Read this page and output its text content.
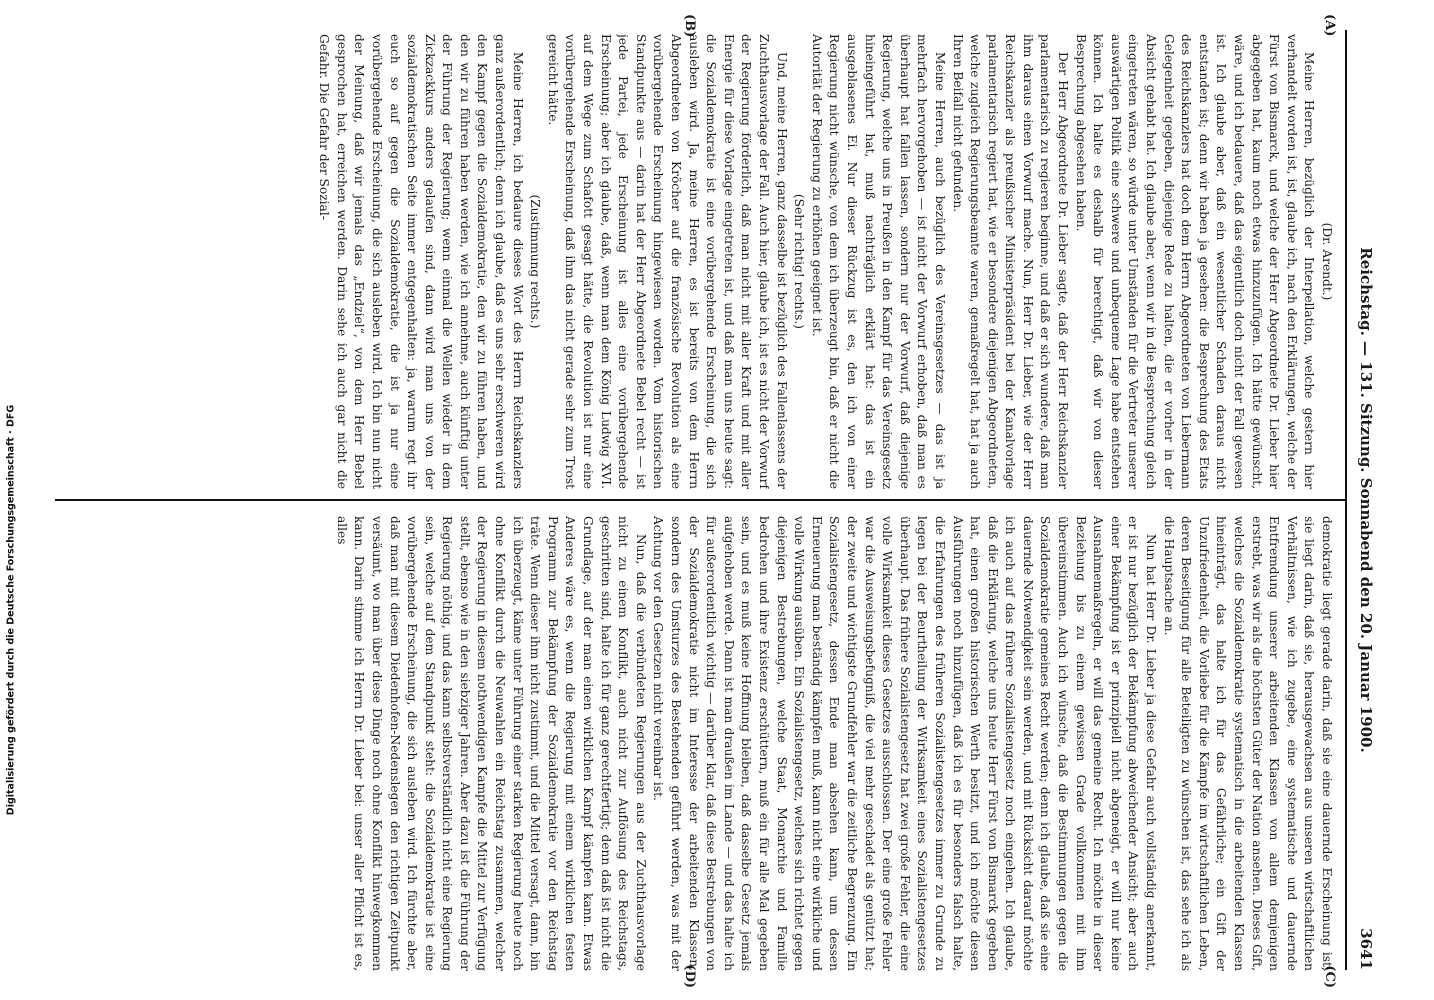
Reichstag. — 131. Sitzung. Sonnabend den 20. Januar 1900.
3641
(A)
(B)
(C)
(D)

(Dr. Arendt.)

Meine Herren, bezüglich der Interpellation, welche gestern hier verhandelt worden ist, ist, glaube ich, nach den Erklärungen, welche der Fürst von Bismarck, und welche der Herr Abgeordnete Dr. Lieber hier abgegeben hat, kaum noch etwas hinzuzufügen. Ich hätte gewünscht, wäre, und ich bedauere, daß das eigentlich doch nicht der Fall gewesen ist. Ich glaube aber, daß ein wesentlicher Schaden daraus nicht entstanden ist; denn wir haben ja gesehen: die Besprechung des Etats des Reichskanzlers hat doch dem Herrn Abgeordneten von Liebermann Gelegenheit gegeben, diejenige Rede zu halten, die er vorher in der Absicht gehabt hat. Ich glaube aber, wenn wir in die Besprechung gleich eingetreten wären, so würde unter Umständen für die Vertreter unserer auswärtigen Politik eine schwere und unbequeme Lage habe entstehen können. Ich halte es deshalb für berechtigt, daß wir von dieser Besprechung abgesehen haben.

Der Herr Abgeordnete Dr. Lieber sagte, daß der Herr Reichskanzler parlamentarisch zu regieren beginne, und daß er sich wundere, daß man ihm daraus einen Vorwurf mache. Nun, Herr Dr. Lieber, wie der Herr Reichskanzler als preußischer Ministerpräsident bei der Kanalvorlage parlamentarisch regiert hat, wie er besondere diejenigen Abgeordneten, welche zugleich Regierungsbeamte waren, gemaßregelt hat, hat ja auch Ihren Beifall nicht gefunden.

Meine Herren, auch bezüglich des Vereinsgesetzes — das ist ja mehrfach hervorgehoben — ist nicht der Vorwurf erhoben, daß man es überhaupt hat fallen lassen, sondern nur der Vorwurf, daß diejenige Regierung, welche uns in Preußen in den Kampf für das Vereinsgesetz hineingeführt hat, muß nachträglich erklärt hat: das ist ein ausgeblasenes Ei. Nur dieser Rückzug ist es, den ich von einer Regierung nicht wünsche, von dem ich überzeugt bin, daß er nicht die Autorität der Regierung zu erhöhen geeignet ist.

(Sehr richtig! rechts.)

Und, meine Herren, ganz dasselbe ist bezüglich des Fallenlassens der Zuchthausvorlage der Fall. Auch hier, glaube ich, ist es nicht der Vorwurf der Regierung förderlich, daß man nicht mit aller Kraft und mit aller Energie für diese Vorlage eingetreten ist, und daß man uns heute sagt: die Sozialdemokratie ist eine vorübergehende Erscheinung, die sich ausleben wird. Ja, meine Herren, es ist bereits von dem Herrn Abgeordneten von Kröcher auf die französische Revolution als eine vorübergehende Erscheinung hingewiesen worden. Vom historischen Standpunkte aus — darin hat der Herr Abgeordnete Bebel recht — ist jede Partei, jede Erscheinung ist alles eine vorübergehende Erscheinung; aber ich glaube, daß, wenn man dem König Ludwig XVI. auf dem Wege zum Schafott gesagt hätte, die Revolution ist nur eine vorübergehende Erscheinung, daß ihm das nicht gerade sehr zum Trost gereicht hätte.

(Zustimmung rechts.)

Meine Herren, ich bedaure dieses Wort des Herrn Reichskanzlers ganz außerordentlich; denn ich glaube, daß es uns sehr erschweren wird den Kampf gegen die Sozialdemokratie, den wir zu führen haben, und den wir zu führen haben werden, wie ich annehme, auch künftig unter der Führung der Regierung; wenn einmal die Wellen wieder in dem Zickzackkurs anders gelaufen sind, dann wird man uns von der sozialdemokratischen Seite immer entgegenhalten: ja, warum regt ihr euch so auf gegen die Sozialdemokratie, die ist ja nur eine vorübergehende Erscheinung, die sich ausleben wird. Ich bin nun nicht der Meinung, daß wir jemals das „Endziel“, von dem Herr Bebel gesprochen hat, erreichen werden. Darin sehe ich auch gar nicht die Gefahr. Die Gefahr der Sozial-

demokratie liegt gerade darin, daß sie eine dauernde Erscheinung ist; sie liegt darin, daß sie, herausgewachsen aus unseren wirtschaftlichen Verhältnissen, wie ich zugebe, eine systematische und dauernde Entfremdung unserer arbeitenden Klassen von allem demjenigen erstrebt, was wir als die höchsten Güter der Nation ansehen. Dieses Gift, welches die Sozialdemokratie systematisch in die arbeitenden Klassen hineinträgt, das halte ich für das Gefährliche; ein Gift der Unzufriedenheit, die Vorliebe für die Kämpfe im wirtschaftlichen Leben, deren Beseitigung für alle Beteiligten zu wünschen ist, das sehe ich als die Hauptsache an.

Nun hat Herr Dr. Lieber ja diese Gefahr auch vollständig anerkannt, er ist nur bezüglich der Bekämpfung abweichender Ansicht; aber auch einer Bekämpfung ist er prinzipiell nicht abgeneigt, er will nur keine Ausnahmemaßregeln, er will das gemeine Recht. Ich möchte in dieser Beziehung bis zu einem gewissen Grade vollkommen mit ihm übereinstimmen. Auch ich wünsche, daß die Bestimmungen gegen die Sozialdemokratie gemeines Recht werden; denn ich glaube, daß sie eine dauernde Notwendigkeit sein werden, und mit Rücksicht darauf möchte ich auch auf das frühere Sozialistengesetz noch eingehen. Ich glaube, daß die Erklärung, welche uns heute Herr Fürst von Bismarck gegeben hat, einen großen historischen Werth besitzt, und ich möchte diesen Ausführungen noch hinzufügen, daß ich es für besonders falsch halte, die Erfahrungen des früheren Sozialistengesetzes immer zu Grunde zu legen bei der Beurtheilung der Wirksamkeit eines Sozialistengesetzes überhaupt. Das frühere Sozialistengesetz hat zwei große Fehler, die eine volle Wirksamkeit dieses Gesetzes ausschlossen. Der eine große Fehler war die Ausweisungsbefugniß, die viel mehr geschadet als genützt hat; der zweite und wichtigste Grundfehler war die zeitliche Begrenzung. Ein Sozialistengesetz, dessen Ende man absehen kann, um dessen Erneuerung man beständig kämpfen muß, kann nicht eine wirkliche und volle Wirkung ausüben. Ein Sozialistengesetz, welches sich richtet gegen diejenigen Bestrebungen, welche Staat, Monarchie und Familie bedrohen und ihre Existenz erschüttern, muß ein für alle Mal gegeben sein, und es muß keine Hoffnung bleiben, daß dasselbe Gesetz jemals aufgehoben werde. Dann ist man draußen im Lande — und das halte ich für außerordentlich wichtig — darüber klar, daß diese Bestrebungen von der Sozialdemokratie nicht im Interesse der arbeitenden Klassen, sondern des Umsturzes des Bestehenden geführt werden, was mit der Achtung vor den Gesetzen nicht vereinbar ist.

Nun, daß die verbündeten Regierungen aus der Zuchthausvorlage nicht zu einem Konflikt, auch nicht zur Auflösung des Reichstags, geschritten sind, halte ich für ganz gerechtfertigt; denn daß ist nicht die Grundlage, auf der man einen wirklichen Kampf kämpfen kann. Etwas Anderes wäre es, wenn die Regierung mit einem wirklichen festen Programm zur Bekämpfung der Sozialdemokratie vor den Reichstag träte. Wenn dieser ihm nicht zustimmt, und die Mittel versagt, dann, bin ich überzeugt, käme unter Führung einer starken Regierung heute noch ohne Konflikt durch die Neuwahlen ein Reichstag zusammen, welcher der Regierung in diesem nothwendigen Kampfe die Mittel zur Verfügung stellt, ebenso wie in den siebziger Jahren. Aber dazu ist die Führung der Regierung nöthig, und das kann selbstverständlich nicht eine Regierung sein, welche auf dem Standpunkt steht: die Sozialdemokratie ist eine vorübergehende Erscheinung, die sich ausleben wird. Ich fürchte aber, daß man mit diesem Diedenhofen-Nedenslegen den richtigen Zeitpunkt versäumt, wo man über diese Dinge noch ohne Konflikt hinwegkommen kann. Darin stimme ich Herrn Dr. Lieber bei: unser aller Pflicht ist es, alles

Digitalisierung gefördert durch die Deutsche Forschungsgemeinschaft · DFG
